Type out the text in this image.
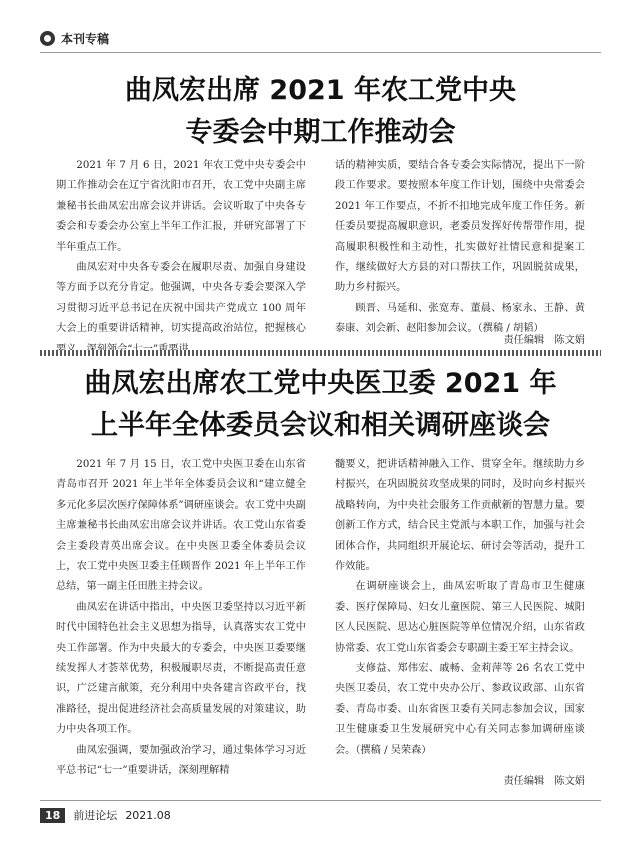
本刊专稿
曲凤宏出席 2021 年农工党中央
专委会中期工作推动会

2021 年 7 月 6 日，2021 年农工党中央专委会中期工作推动会在辽宁省沈阳市召开，农工党中央副主席兼秘书长曲凤宏出席会议并讲话。会议听取了中央各专委会和专委会办公室上半年工作汇报，并研究部署了下半年重点工作。

曲凤宏对中央各专委会在履职尽责、加强自身建设等方面予以充分肯定。他强调，中央各专委会要深入学习贯彻习近平总书记在庆祝中国共产党成立 100 周年大会上的重要讲话精神，切实提高政治站位，把握核心

话的精神实质，要结合各专委会实际情况，提出下一阶段工作要求。要按照本年度工作计划，围绕中央常委会 2021 年工作要点，不折不扣地完成年度工作任务。新任委员要提高履职意识，老委员发挥好传帮带作用，提高履职积极性和主动性，扎实做好社情民意和提案工作，继续做好大方县的对口帮扶工作，巩固脱贫成果，助力乡村振兴。

顾晋、马延和、张宽寿、董晨、杨家永、王静、黄泰康、刘会新、赵阳参加会议。（撰稿 / 胡韬）

责任编辑　陈文娟
曲凤宏出席农工党中央医卫委 2021 年
上半年全体委员会议和相关调研座谈会

2021 年 7 月 15 日，农工党中央医卫委在山东省青岛市召开 2021 年上半年全体委员会议和“建立健全多元化多层次医疗保障体系”调研座谈会。农工党中央副主席兼秘书长曲凤宏出席会议并讲话。农工党山东省委会主委段青英出席会议。在中央医卫委全体委员会议上，农工党中央医卫委主任顾晋作 2021 年上半年工作总结，第一副主任田胜主持会议。

曲凤宏在讲话中指出，中央医卫委坚持以习近平新时代中国特色社会主义思想为指导，认真落实农工党中央工作部署。作为中央最大的专委会，中央医卫委要继续发挥人才荟萃优势，积极履职尽责，不断提高责任意识，广泛建言献策，充分利用中央各建言咨政平台，找准路径，提出促进经济社会高质量发展的对策建议，助力中央各项工作。

曲凤宏强调，要加强政治学习，通过集体学习习近平总书记“七一”重要讲话，深刻理解精

髓要义，把讲话精神融入工作、贯穿全年。继续助力乡村振兴，在巩固脱贫攻坚成果的同时，及时向乡村振兴战略转向，为中央社会服务工作贡献新的智慧力量。要创新工作方式，结合民主党派与本职工作，加强与社会团体合作，共同组织开展论坛、研讨会等活动，提升工作效能。

在调研座谈会上，曲凤宏听取了青岛市卫生健康委、医疗保障局、妇女儿童医院、第三人民医院、城阳区人民医院、思达心脏医院等单位情况介绍，山东省政协常委、农工党山东省委会专职副主委王军主持会议。

支修益、郑伟宏、戚畅、金莉萍等 26 名农工党中央医卫委员，农工党中央办公厅、参政议政部、山东省委、青岛市委、山东省医卫委有关同志参加会议，国家卫生健康委卫生发展研究中心有关同志参加调研座谈会。（撰稿 / 吴荣森）

责任编辑　陈文娟
18	前进论坛 2021.08
